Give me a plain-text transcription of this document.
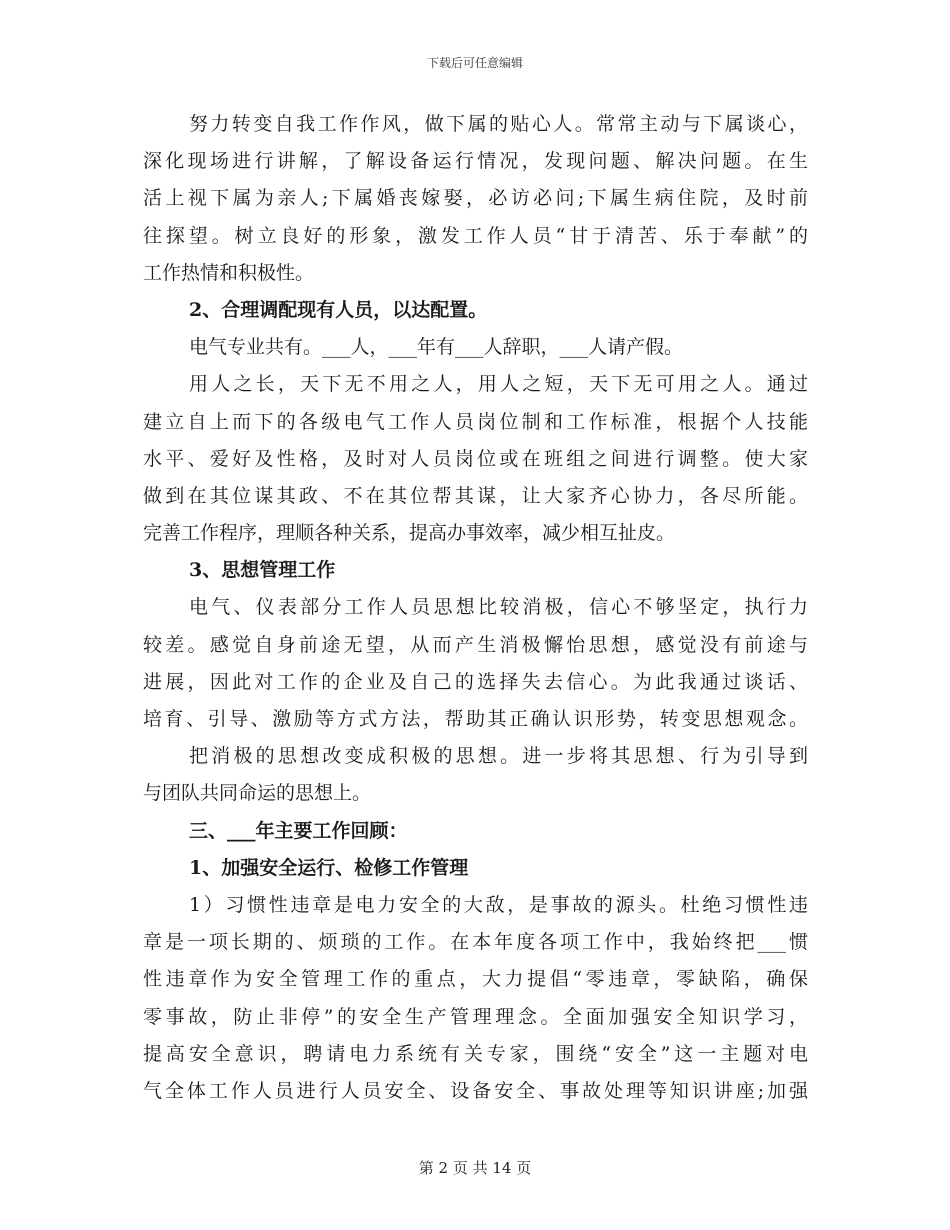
下载后可任意编辑
努力转变自我工作作风，做下属的贴心人。常常主动与下属谈心，
深化现场进行讲解，了解设备运行情况，发现问题、解决问题。在生
活上视下属为亲人;下属婚丧嫁娶，必访必问;下属生病住院，及时前
往探望。树立良好的形象，激发工作人员“甘于清苦、乐于奉献”的
工作热情和积极性。
2、合理调配现有人员，以达配置。
电气专业共有。___人，___年有___人辞职，___人请产假。
用人之长，天下无不用之人，用人之短，天下无可用之人。通过
建立自上而下的各级电气工作人员岗位制和工作标准，根据个人技能
水平、爱好及性格，及时对人员岗位或在班组之间进行调整。使大家
做到在其位谋其政、不在其位帮其谋，让大家齐心协力，各尽所能。
完善工作程序，理顺各种关系，提高办事效率，减少相互扯皮。
3、思想管理工作
电气、仪表部分工作人员思想比较消极，信心不够坚定，执行力
较差。感觉自身前途无望，从而产生消极懈怡思想，感觉没有前途与
进展，因此对工作的企业及自己的选择失去信心。为此我通过谈话、
培育、引导、激励等方式方法，帮助其正确认识形势，转变思想观念。
把消极的思想改变成积极的思想。进一步将其思想、行为引导到
与团队共同命运的思想上。
三、___年主要工作回顾：
1、加强安全运行、检修工作管理
1）习惯性违章是电力安全的大敌，是事故的源头。杜绝习惯性违
章是一项长期的、烦琐的工作。在本年度各项工作中，我始终把___惯
性违章作为安全管理工作的重点，大力提倡“零违章，零缺陷，确保
零事故，防止非停”的安全生产管理理念。全面加强安全知识学习，
提高安全意识，聘请电力系统有关专家，围绕“安全”这一主题对电
气全体工作人员进行人员安全、设备安全、事故处理等知识讲座;加强
第 2 页 共 14 页
